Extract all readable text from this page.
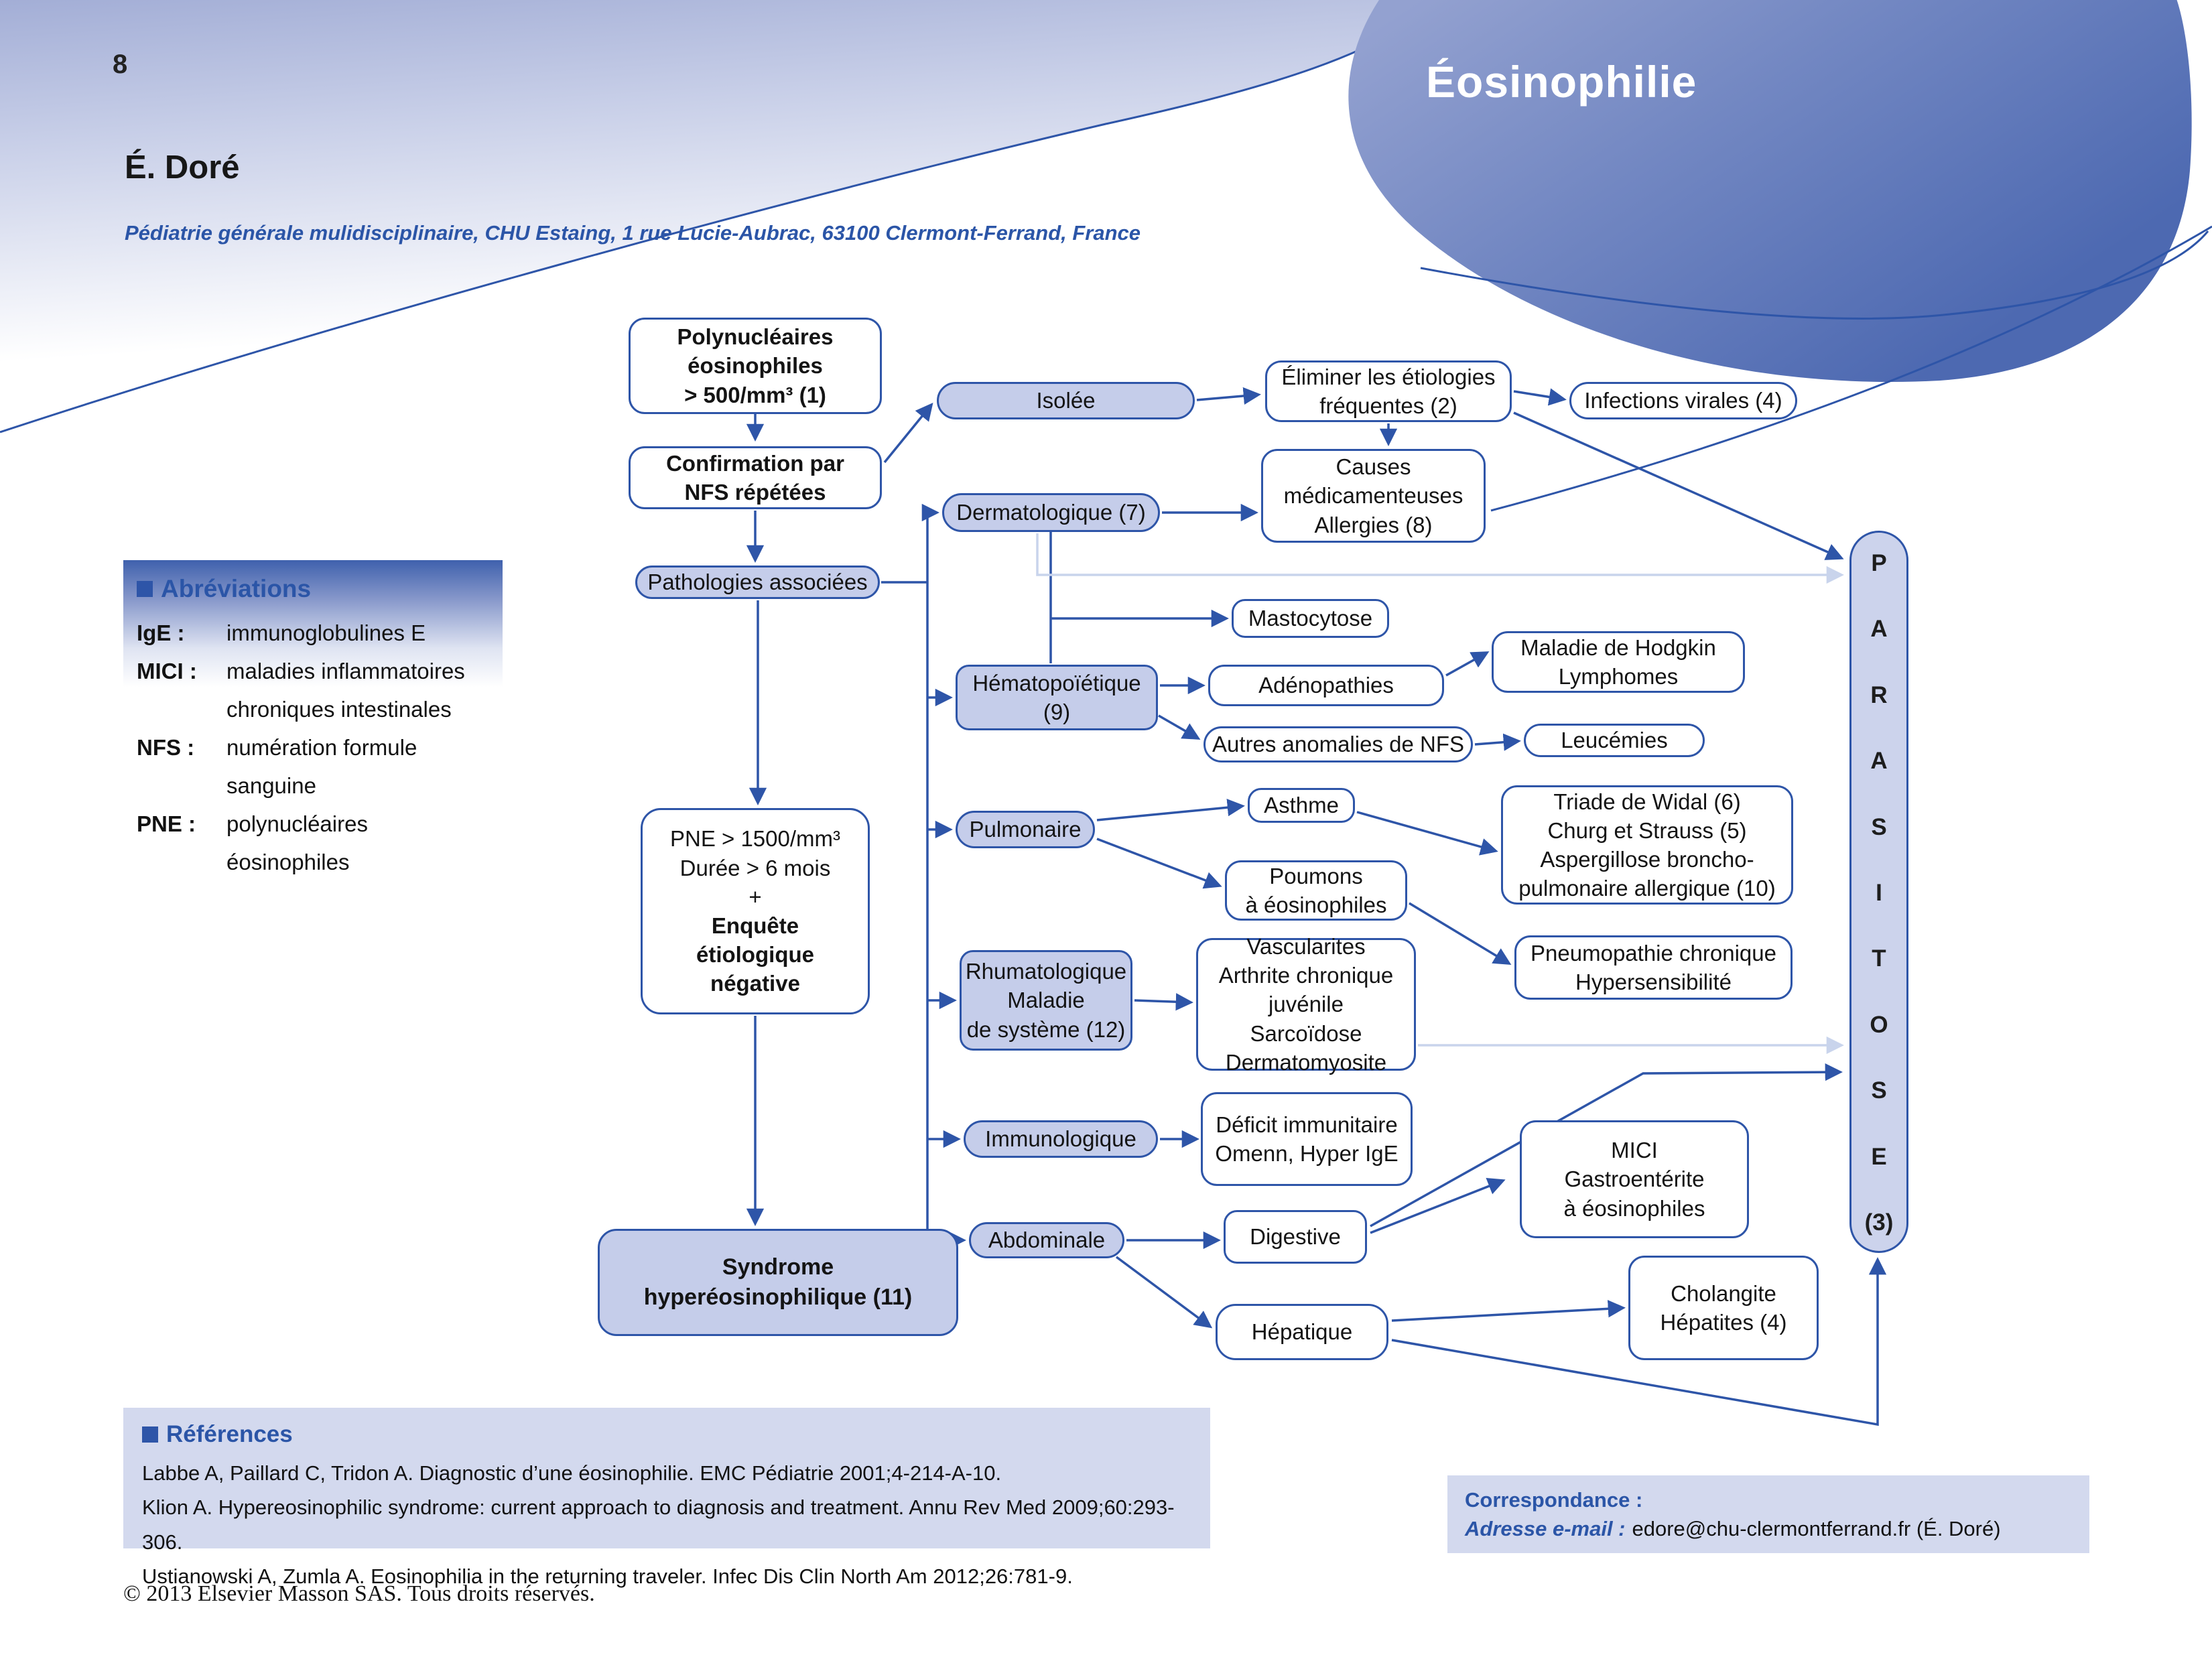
8	Éosinophilie
É. Doré
Pédiatrie générale mulidisciplinaire, CHU Estaing, 1 rue Lucie-Aubrac, 63100 Clermont-Ferrand, France
Abréviations
IgE :	immunoglobulines E
MICI :	maladies inflammatoires
chroniques intestinales
NFS :	numération formule
sanguine
PNE :	polynucléaires éosinophiles
Polynucléaires
éosinophiles
> 500/mm³ (1)	Isolée
Éliminer les étiologies
fréquentes (2)	Infections virales (4)
Confirmation par
NFS répétées
Dermatologique (7)
Causes
médicamenteuses
Allergies (8)
Pathologies associées
Mastocytose
Hématopoïétique
(9)
Adénopathies
Maladie de Hodgkin
Lymphomes
Autres anomalies de NFS	Leucémies
Pulmonaire
Asthme	Triade de Widal (6)
Churg et Strauss (5)
Aspergillose broncho-
pulmonaire allergique (10)
PNE > 1500/mm³
Durée > 6 mois
+
Enquête
étiologique
négative
Poumons
à éosinophiles
Pneumopathie chronique
Hypersensibilité
Rhumatologique
Maladie
de système (12)
Vascularites
Arthrite chronique
juvénile
Sarcoïdose
Dermatomyosite
Immunologique
Déficit immunitaire
Omenn, Hyper IgE
Abdominale	Digestive
MICI
Gastroentérite
à éosinophiles
Hépatique
Cholangite
Hépatites (4)
Syndrome
hyperéosinophilique (11)
P
A
R
A
S
I
T
O
S
E
(3)
Références
Labbe A, Paillard C, Tridon A. Diagnostic d’une éosinophilie. EMC Pédiatrie 2001;4-214-A-10.
Klion A. Hypereosinophilic syndrome: current approach to diagnosis and treatment. Annu Rev Med 2009;60:293-306.
Ustianowski A, Zumla A. Eosinophilia in the returning traveler. Infec Dis Clin North Am 2012;26:781-9.
Correspondance :
Adresse e-mail : edore@chu-clermontferrand.fr (É. Doré)
© 2013 Elsevier Masson SAS. Tous droits réservés.
